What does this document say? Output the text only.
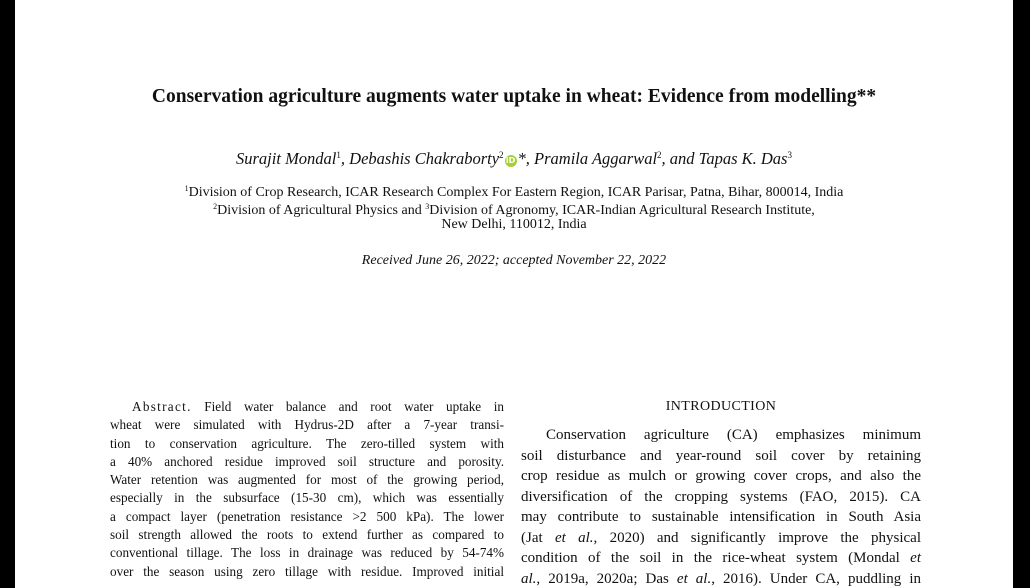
Conservation agriculture augments water uptake in wheat: Evidence from modelling**
Surajit Mondal$^1$, Debashis Chakraborty$^2$iD *, Pramila Aggarwal$^2$, and Tapas K. Das$^3$
$^1$Division of Crop Research, ICAR Research Complex For Eastern Region, ICAR Parisar, Patna, Bihar, 800014, India
$^2$Division of Agricultural Physics and $^3$Division of Agronomy, ICAR-Indian Agricultural Research Institute,
New Delhi, 110012, India
Received June 26, 2022; accepted November 22, 2022
Abstract. Field water balance and root water uptake in
wheat were simulated with Hydrus-2D after a 7-year transi-
tion to conservation agriculture. The zero-tilled system with
a 40% anchored residue improved soil structure and porosity.
Water retention was augmented for most of the growing period,
especially in the subsurface (15-30 cm), which was essentially
a compact layer (penetration resistance >2 500 kPa). The lower
soil strength allowed the roots to extend further as compared to
conventional tillage. The loss in drainage was reduced by 54-74%
over the season using zero tillage with residue. Improved initial
INTRODUCTION
Conservation agriculture (CA) emphasizes minimum
soil disturbance and year-round soil cover by retaining
crop residue as mulch or growing cover crops, and also the
diversification of the cropping systems (FAO, 2015). CA
may contribute to sustainable intensification in South Asia
(Jat et al., 2020) and significantly improve the physical
condition of the soil in the rice-wheat system (Mondal et
al., 2019a, 2020a; Das et al., 2016). Under CA, puddling in
